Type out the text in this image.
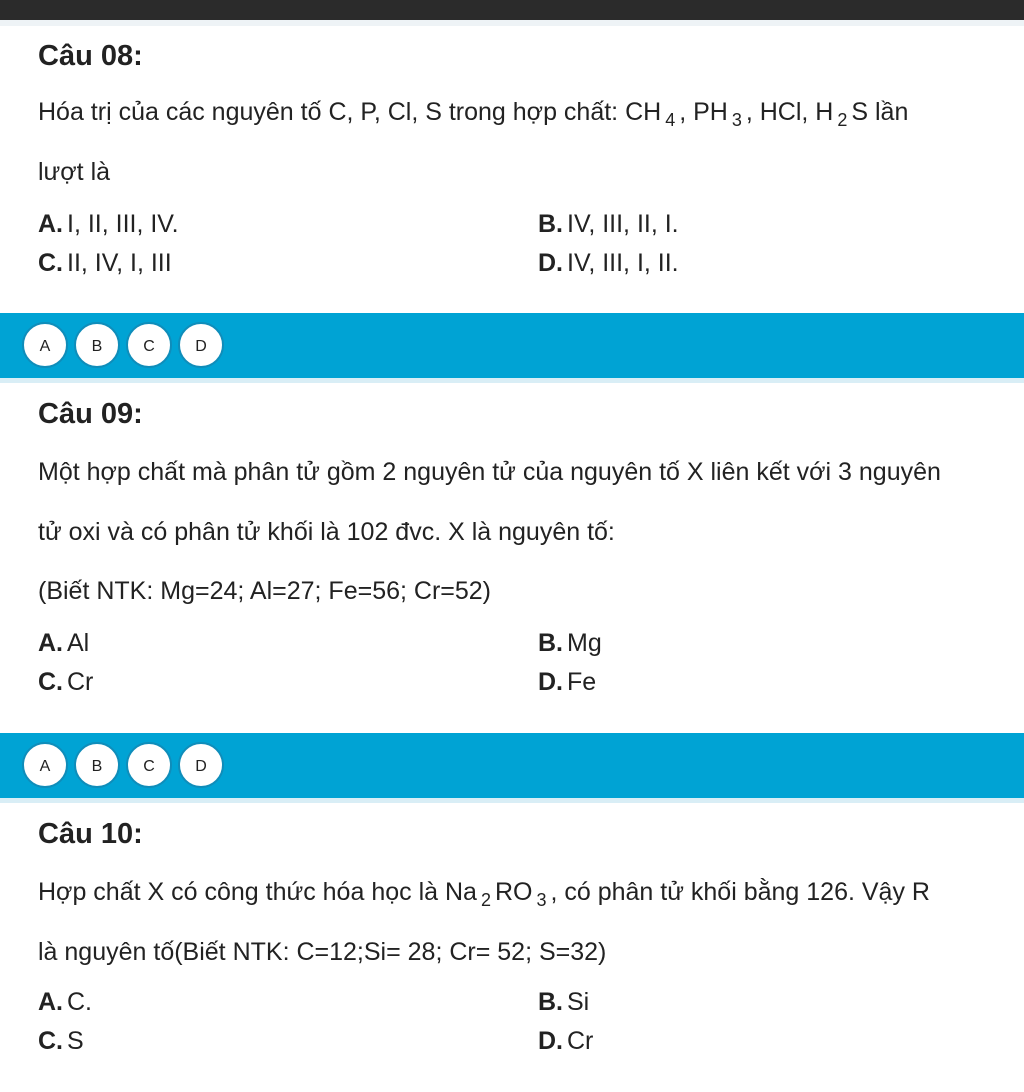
Câu 08:
Hóa trị của các nguyên tố C, P, Cl, S trong hợp chất: CH $_4$ , PH $_3$ , HCl, H $_2$ S lần
lượt là
A. I, II, III, IV.	B. IV, III, II, I.
C. II, IV, I, III	D. IV, III, I, II.
A	B	C	D
Câu 09:
Một hợp chất mà phân tử gồm 2 nguyên tử của nguyên tố X liên kết với 3 nguyên
tử oxi và có phân tử khối là 102 đvc. X là nguyên tố:
(Biết NTK: Mg=24; Al=27; Fe=56; Cr=52)
A. Al	B. Mg
C. Cr	D. Fe
A	B	C	D
Câu 10:
Hợp chất X có công thức hóa học là Na $_2$ RO $_3$ , có phân tử khối bằng 126. Vậy R
là nguyên tố(Biết NTK: C=12;Si= 28; Cr= 52; S=32)
A. C.	B. Si
C. S	D. Cr
